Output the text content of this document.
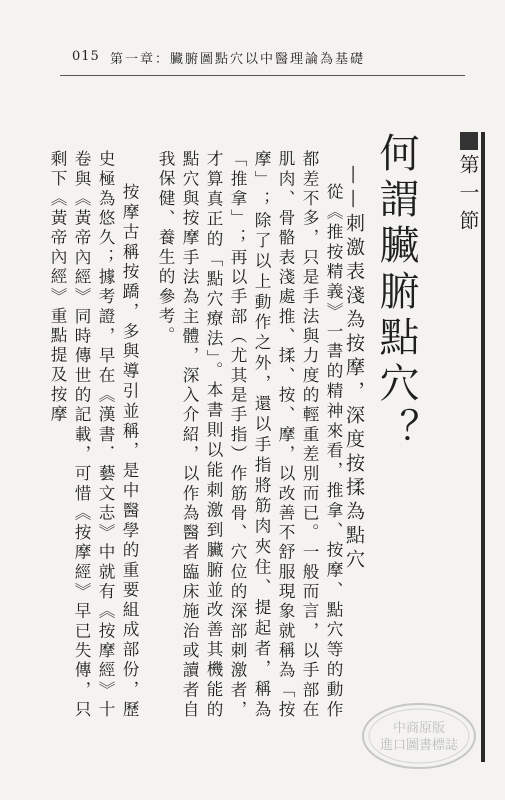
015 第一章：臟腑圖點穴以中醫理論為基礎
第一節
何謂臟腑點穴？
——刺激表淺為按摩，深度按揉為點穴

從《推按精義》一書的精神來看，推拿、按摩、點穴等的動作都差不多，只是手法與力度的輕重差別而已。一般而言，以手部在肌肉、骨骼表淺處推、揉、按、摩，以改善不舒服現象就稱為「按摩」；除了以上動作之外，還以手指將筋肉夾住、提起者，稱為「推拿」；再以手部（尤其是手指）作筋骨、穴位的深部刺激者，才算真正的「點穴療法」。本書則以能刺激到臟腑並改善其機能的點穴與按摩手法為主體，深入介紹，以作為醫者臨床施治或讀者自我保健、養生的參考。

按摩古稱按蹻，多與導引並稱，是中醫學的重要組成部份，歷史極為悠久；據考證，早在《漢書．藝文志》中就有《按摩經》十卷與《黃帝內經》同時傳世的記載，可惜《按摩經》早已失傳，只剩下《黃帝內經》重點提及按摩

中商原版
進口圖書標誌
